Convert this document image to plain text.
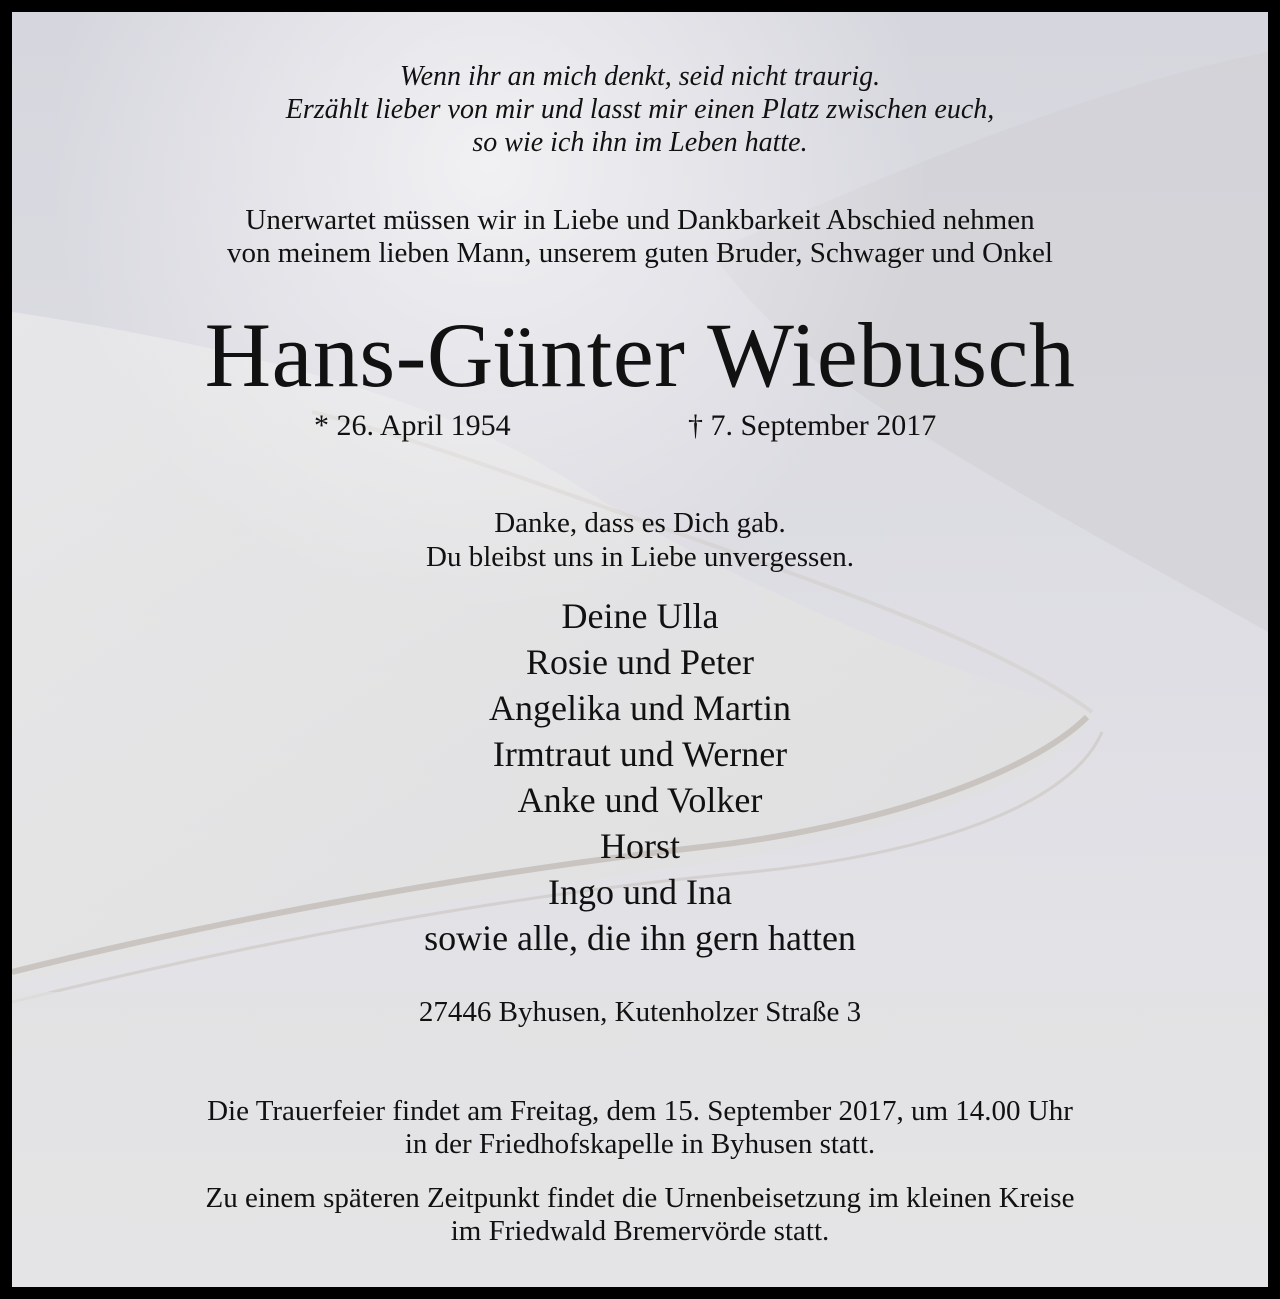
Wenn ihr an mich denkt, seid nicht traurig.
Erzählt lieber von mir und lasst mir einen Platz zwischen euch,
so wie ich ihn im Leben hatte.
Unerwartet müssen wir in Liebe und Dankbarkeit Abschied nehmen
von meinem lieben Mann, unserem guten Bruder, Schwager und Onkel
Hans-Günter Wiebusch
* 26. April 1954	† 7. September 2017
Danke, dass es Dich gab.
Du bleibst uns in Liebe unvergessen.
Deine Ulla
Rosie und Peter
Angelika und Martin
Irmtraut und Werner
Anke und Volker
Horst
Ingo und Ina
sowie alle, die ihn gern hatten
27446 Byhusen, Kutenholzer Straße 3
Die Trauerfeier findet am Freitag, dem 15. September 2017, um 14.00 Uhr
in der Friedhofskapelle in Byhusen statt.
Zu einem späteren Zeitpunkt findet die Urnenbeisetzung im kleinen Kreise
im Friedwald Bremervörde statt.
